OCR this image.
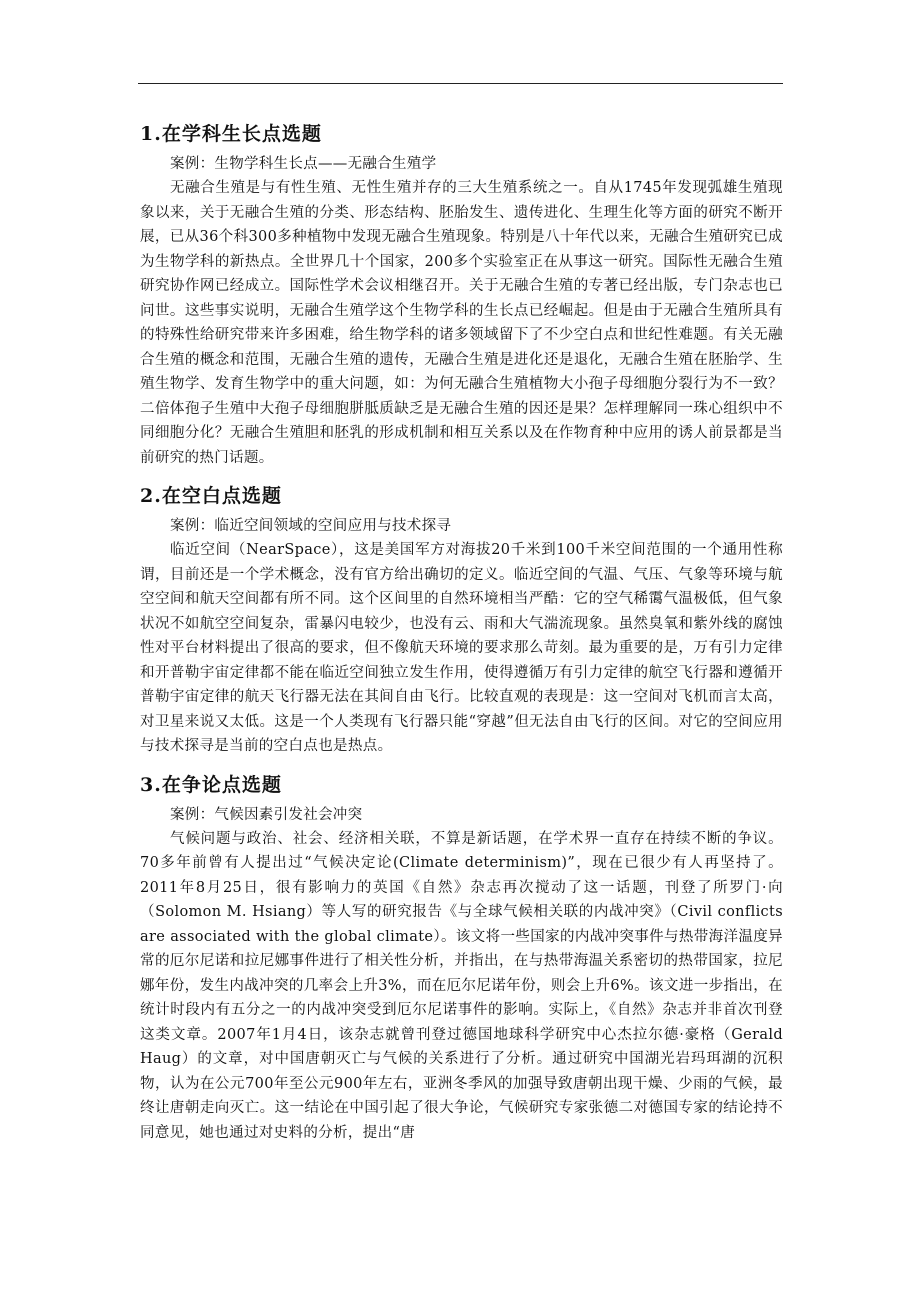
1.在学科生长点选题

案例：生物学科生长点——无融合生殖学

无融合生殖是与有性生殖、无性生殖并存的三大生殖系统之一。自从1745年发现弧雄生殖现象以来，关于无融合生殖的分类、形态结构、胚胎发生、遗传进化、生理生化等方面的研究不断开展，已从36个科300多种植物中发现无融合生殖现象。特别是八十年代以来，无融合生殖研究已成为生物学科的新热点。全世界几十个国家，200多个实验室正在从事这一研究。国际性无融合生殖研究协作网已经成立。国际性学术会议相继召开。关于无融合生殖的专著已经出版，专门杂志也已问世。这些事实说明，无融合生殖学这个生物学科的生长点已经崛起。但是由于无融合生殖所具有的特殊性给研究带来许多困难，给生物学科的诸多领域留下了不少空白点和世纪性难题。有关无融合生殖的概念和范围，无融合生殖的遗传，无融合生殖是进化还是退化，无融合生殖在胚胎学、生殖生物学、发育生物学中的重大问题，如：为何无融合生殖植物大小孢子母细胞分裂行为不一致？二倍体孢子生殖中大孢子母细胞胼胝质缺乏是无融合生殖的因还是果？怎样理解同一珠心组织中不同细胞分化？无融合生殖胆和胚乳的形成机制和相互关系以及在作物育种中应用的诱人前景都是当前研究的热门话题。

2.在空白点选题

案例：临近空间领域的空间应用与技术探寻

临近空间（NearSpace），这是美国军方对海拔20千米到100千米空间范围的一个通用性称谓，目前还是一个学术概念，没有官方给出确切的定义。临近空间的气温、气压、气象等环境与航空空间和航天空间都有所不同。这个区间里的自然环境相当严酷：它的空气稀霭气温极低，但气象状况不如航空空间复杂，雷暴闪电较少，也没有云、雨和大气湍流现象。虽然臭氧和紫外线的腐蚀性对平台材料提出了很高的要求，但不像航天环境的要求那么苛刻。最为重要的是，万有引力定律和开普勒宇宙定律都不能在临近空间独立发生作用，使得遵循万有引力定律的航空飞行器和遵循开普勒宇宙定律的航天飞行器无法在其间自由飞行。比较直观的表现是：这一空间对飞机而言太高，对卫星来说又太低。这是一个人类现有飞行器只能“穿越”但无法自由飞行的区间。对它的空间应用与技术探寻是当前的空白点也是热点。

3.在争论点选题

案例：气候因素引发社会冲突

气候问题与政治、社会、经济相关联，不算是新话题，在学术界一直存在持续不断的争议。70多年前曾有人提出过“气候决定论(Climate determinism)”，现在已很少有人再坚持了。2011年8月25日，很有影响力的英国《自然》杂志再次搅动了这一话题，刊登了所罗门·向（Solomon M. Hsiang）等人写的研究报告《与全球气候相关联的内战冲突》（Civil conflicts are associated with the global climate）。该文将一些国家的内战冲突事件与热带海洋温度异常的厄尔尼诺和拉尼娜事件进行了相关性分析，并指出，在与热带海温关系密切的热带国家，拉尼娜年份，发生内战冲突的几率会上升3%，而在厄尔尼诺年份，则会上升6%。该文进一步指出，在统计时段内有五分之一的内战冲突受到厄尔尼诺事件的影响。实际上，《自然》杂志并非首次刊登这类文章。2007年1月4日，该杂志就曾刊登过德国地球科学研究中心杰拉尔德·豪格（Gerald Haug）的文章，对中国唐朝灭亡与气候的关系进行了分析。通过研究中国湖光岩玛珥湖的沉积物，认为在公元700年至公元900年左右，亚洲冬季风的加强导致唐朝出现干燥、少雨的气候，最终让唐朝走向灭亡。这一结论在中国引起了很大争论，气候研究专家张德二对德国专家的结论持不同意见，她也通过对史料的分析，提出“唐
